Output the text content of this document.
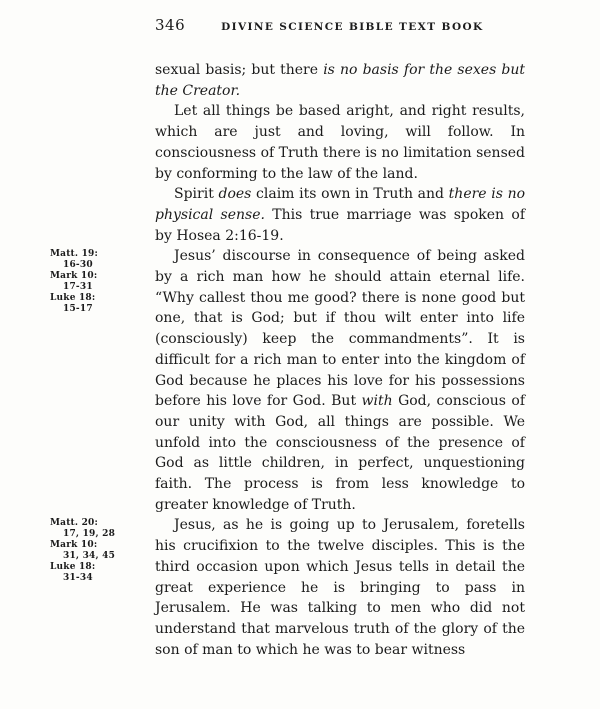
346	DIVINE SCIENCE BIBLE TEXT BOOK

sexual basis; but there is no basis for the sexes but the Creator.

Let all things be based aright, and right results, which are just and loving, will follow. In consciousness of Truth there is no limitation sensed by conforming to the law of the land.

Spirit does claim its own in Truth and there is no physical sense. This true marriage was spoken of by Hosea 2:16-19.

Matt. 19:
16-30
Mark 10:
17-31
Luke 18:
15-17

Jesus’ discourse in consequence of being asked by a rich man how he should attain eternal life. “Why callest thou me good? there is none good but one, that is God; but if thou wilt enter into life (consciously) keep the commandments”. It is difficult for a rich man to enter into the kingdom of God because he places his love for his possessions before his love for God. But with God, conscious of our unity with God, all things are possible. We unfold into the consciousness of the presence of God as little children, in perfect, unquestioning faith. The process is from less knowledge to greater knowledge of Truth.

Matt. 20:
17, 19, 28
Mark 10:
31, 34, 45
Luke 18:
31-34

Jesus, as he is going up to Jerusalem, foretells his crucifixion to the twelve disciples. This is the third occasion upon which Jesus tells in detail the great experience he is bringing to pass in Jerusalem. He was talking to men who did not understand that marvelous truth of the glory of the son of man to which he was to bear witness
